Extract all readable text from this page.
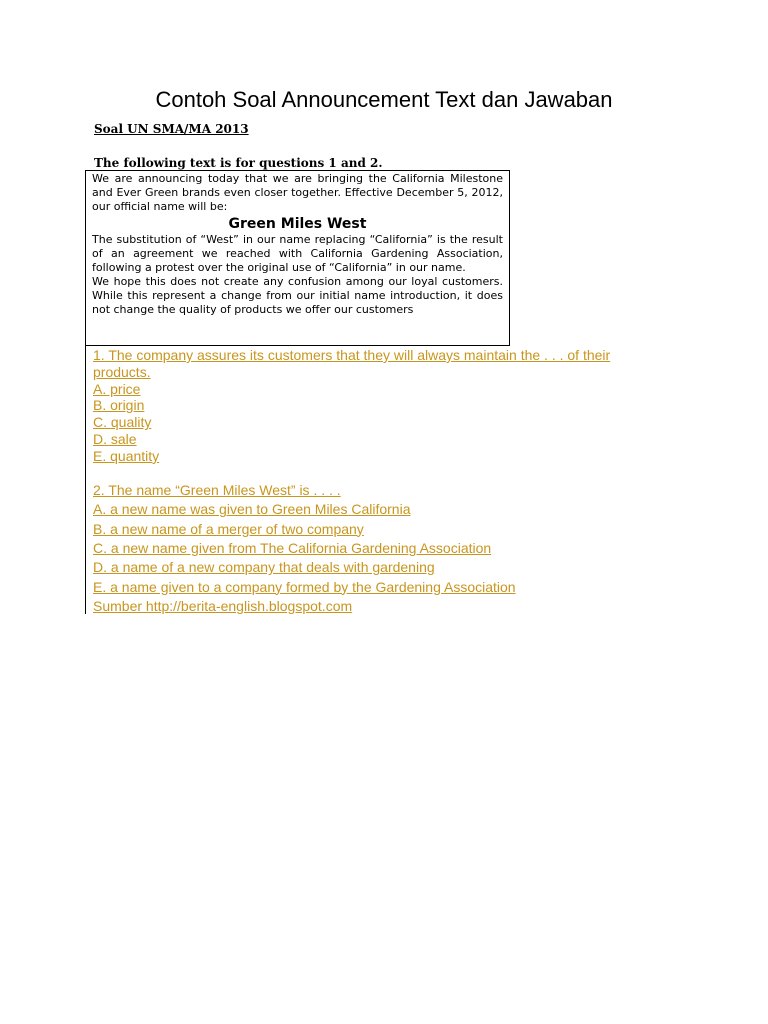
Contoh Soal Announcement Text dan Jawaban
Soal UN SMA/MA 2013
The following text is for questions 1 and 2.

We are announcing today that we are bringing the California Milestone and Ever Green brands even closer together. Effective December 5, 2012, our official name will be:

Green Miles West

The substitution of “West” in our name replacing “California” is the result of an agreement we reached with California Gardening Association, following a protest over the original use of “California” in our name.

We hope this does not create any confusion among our loyal customers. While this represent a change from our initial name introduction, it does not change the quality of products we offer our customers

1. The company assures its customers that they will always maintain the . . . of their
products.
A. price
B. origin
C. quality
D. sale
E. quantity
2. The name “Green Miles West” is . . . .
A. a new name was given to Green Miles California
B. a new name of a merger of two company
C. a new name given from The California Gardening Association
D. a name of a new company that deals with gardening
E. a name given to a company formed by the Gardening Association
Sumber http://berita-english.blogspot.com
